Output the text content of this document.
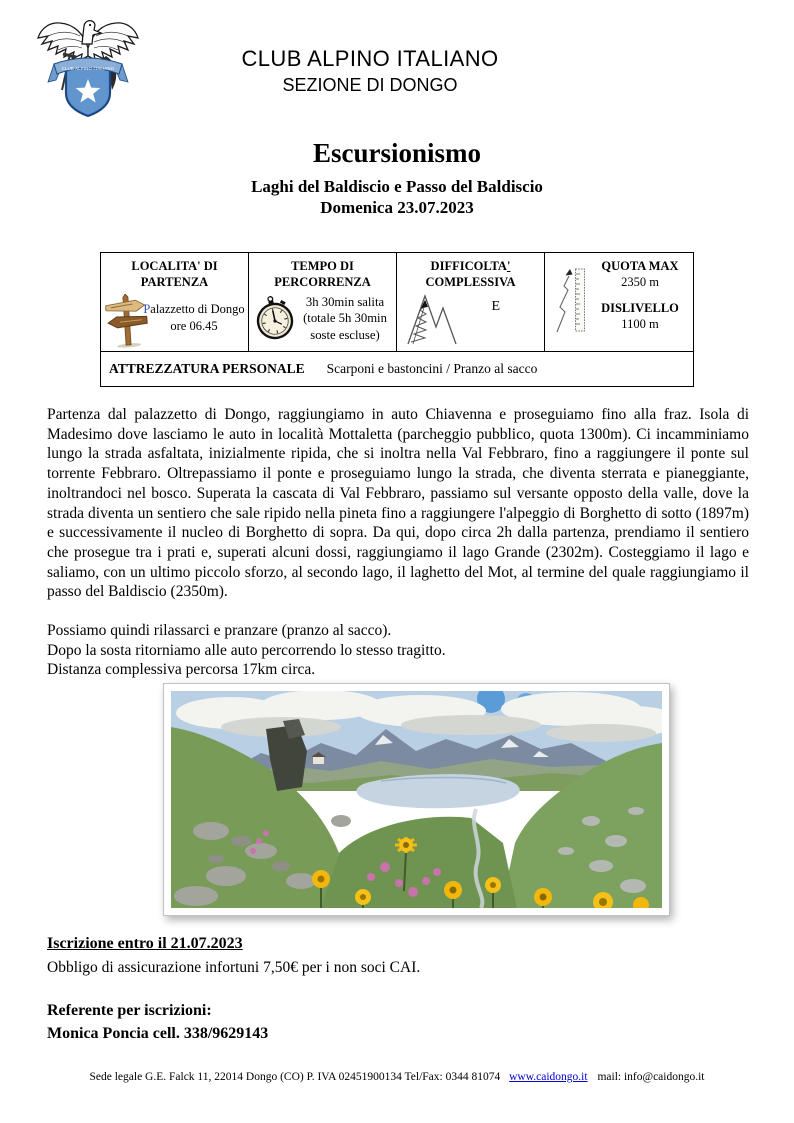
CLUB ALPINO ITALIANO	CLUB ALPINO ITALIANO
SEZIONE DI DONGO
Escursionismo
Laghi del Baldiscio e Passo del Baldiscio
Domenica 23.07.2023
LOCALITA' DI
PARTENZA
Palazzetto di Dongo
ore 06.45
TEMPO DI
PERCORRENZA
3h 30min salita
(totale 5h 30min
soste escluse)
DIFFICOLTA'
COMPLESSIVA
E
QUOTA MAX
2350 m
DISLIVELLO
1100 m
ATTREZZATURA PERSONALE Scarponi e bastoncini / Pranzo al sacco
Partenza dal palazzetto di Dongo, raggiungiamo in auto Chiavenna e proseguiamo fino alla fraz. Isola di Madesimo dove lasciamo le auto in località Mottaletta (parcheggio pubblico, quota 1300m). Ci incamminiamo lungo la strada asfaltata, inizialmente ripida, che si inoltra nella Val Febbraro, fino a raggiungere il ponte sul torrente Febbraro. Oltrepassiamo il ponte e proseguiamo lungo la strada, che diventa sterrata e pianeggiante, inoltrandoci nel bosco. Superata la cascata di Val Febbraro, passiamo sul versante opposto della valle, dove la strada diventa un sentiero che sale ripido nella pineta fino a raggiungere l'alpeggio di Borghetto di sotto (1897m) e successivamente il nucleo di Borghetto di sopra. Da qui, dopo circa 2h dalla partenza, prendiamo il sentiero che prosegue tra i prati e, superati alcuni dossi, raggiungiamo il lago Grande (2302m). Costeggiamo il lago e saliamo, con un ultimo piccolo sforzo, al secondo lago, il laghetto del Mot, al termine del quale raggiungiamo il passo del Baldiscio (2350m).
Possiamo quindi rilassarci e pranzare (pranzo al sacco).
Dopo la sosta ritorniamo alle auto percorrendo lo stesso tragitto.
Distanza complessiva percorsa 17km circa.
Iscrizione entro il 21.07.2023
Obbligo di assicurazione infortuni 7,50€ per i non soci CAI.
Referente per iscrizioni:
Monica Poncia cell. 338/9629143
Sede legale G.E. Falck 11, 22014 Dongo (CO) P. IVA 02451900134 Tel/Fax: 0344 81074 www.caidongo.it mail: info@caidongo.it
